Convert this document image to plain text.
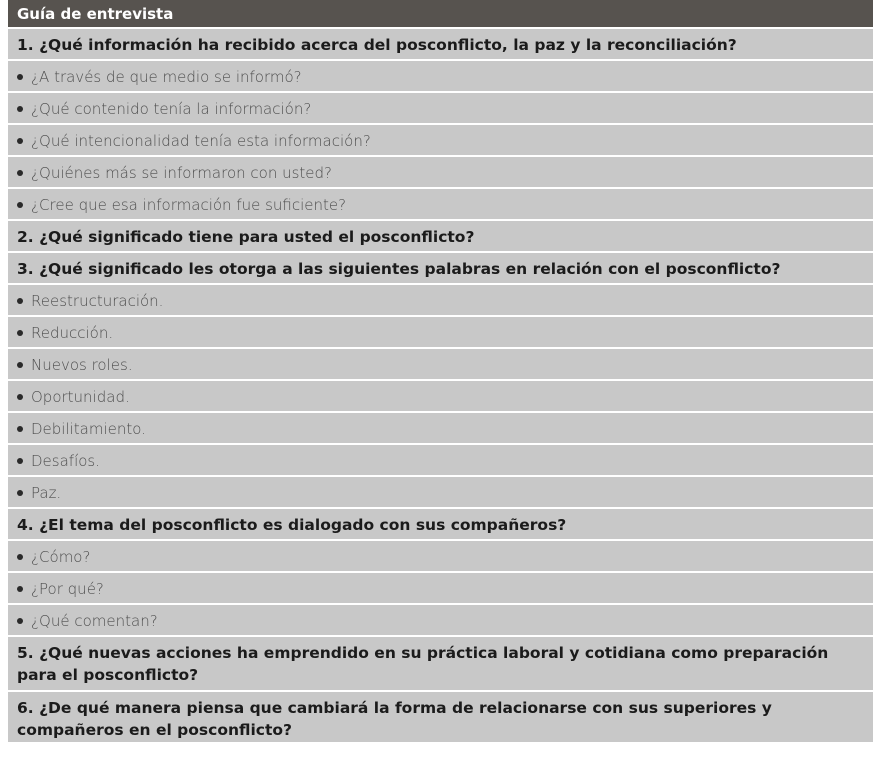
Guía de entrevista
1. ¿Qué información ha recibido acerca del posconflicto, la paz y la reconciliación?
¿A través de que medio se informó?
¿Qué contenido tenía la información?
¿Qué intencionalidad tenía esta información?
¿Quiénes más se informaron con usted?
¿Cree que esa información fue suficiente?
2. ¿Qué significado tiene para usted el posconflicto?
3. ¿Qué significado les otorga a las siguientes palabras en relación con el posconflicto?
Reestructuración.
Reducción.
Nuevos roles.
Oportunidad.
Debilitamiento.
Desafíos.
Paz.
4. ¿El tema del posconflicto es dialogado con sus compañeros?
¿Cómo?
¿Por qué?
¿Qué comentan?
5. ¿Qué nuevas acciones ha emprendido en su práctica laboral y cotidiana como preparación para el posconflicto?
6. ¿De qué manera piensa que cambiará la forma de relacionarse con sus superiores y compañeros en el posconflicto?
